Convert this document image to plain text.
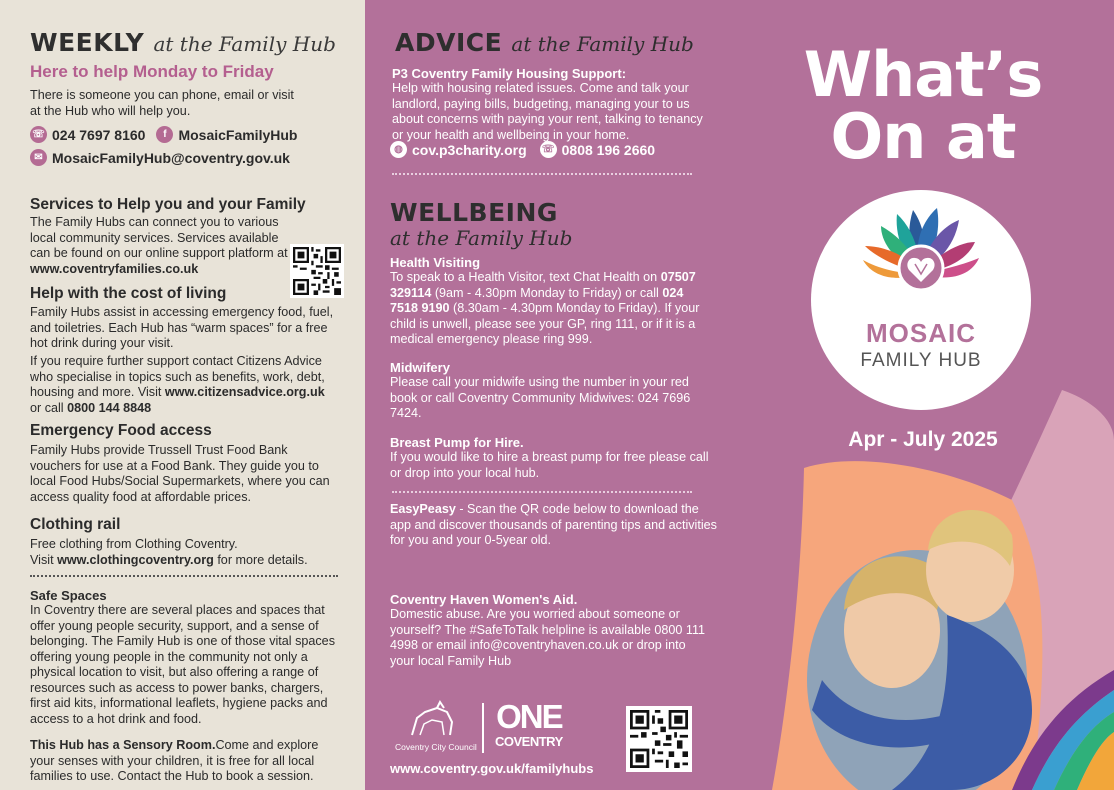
WEEKLY at the Family Hub
Here to help Monday to Friday
There is someone you can phone, email or visit at the Hub who will help you.
☏ 024 7697 8160	f MosaicFamilyHub
✉ MosaicFamilyHub@coventry.gov.uk
Services to Help you and your Family
The Family Hubs can connect you to various local community services. Services available can be found on our online support platform at www.coventryfamilies.co.uk
Help with the cost of living
Family Hubs assist in accessing emergency food, fuel, and toiletries. Each Hub has “warm spaces” for a free hot drink during your visit.
If you require further support contact Citizens Advice who specialise in topics such as benefits, work, debt, housing and more. Visit www.citizensadvice.org.uk or call 0800 144 8848
Emergency Food access
Family Hubs provide Trussell Trust Food Bank vouchers for use at a Food Bank. They guide you to local Food Hubs/Social Supermarkets, where you can access quality food at affordable prices.
Clothing rail
Free clothing from Clothing Coventry.
Visit www.clothingcoventry.org for more details.
Safe Spaces
In Coventry there are several places and spaces that offer young people security, support, and a sense of belonging. The Family Hub is one of those vital spaces offering young people in the community not only a physical location to visit, but also offering a range of resources such as access to power banks, chargers, first aid kits, informational leaflets, hygiene packs and access to a hot drink and food.
This Hub has a Sensory Room.Come and explore your senses with your children, it is free for all local families to use. Contact the Hub to book a session.
ADVICE at the Family Hub
P3 Coventry Family Housing Support:
Help with housing related issues. Come and talk your landlord, paying bills, budgeting, managing your to us about concerns with paying your rent, talking to tenancy or your health and wellbeing in your home.
◍ cov.p3charity.org ☏ 0808 196 2660
WELLBEING
at the Family Hub
Health Visiting
To speak to a Health Visitor, text Chat Health on 07507 329114 (9am - 4.30pm Monday to Friday) or call 024 7518 9190 (8.30am - 4.30pm Monday to Friday). If your child is unwell, please see your GP, ring 111, or if it is a medical emergency please ring 999.
Midwifery
Please call your midwife using the number in your red book or call Coventry Community Midwives: 024 7696 7424.
Breast Pump for Hire.
If you would like to hire a breast pump for free please call or drop into your local hub.
EasyPeasy - Scan the QR code below to download the app and discover thousands of parenting tips and activities for you and your 0-5year old.
Coventry Haven Women's Aid.
Domestic abuse. Are you worried about someone or yourself? The #SafeToTalk helpline is available 0800 111 4998 or email info@coventryhaven.co.uk or drop into your local Family Hub
Coventry City Council
ONE
COVENTRY
www.coventry.gov.uk/familyhubs
What’s
On at
MOSAIC
FAMILY HUB
Apr - July 2025
